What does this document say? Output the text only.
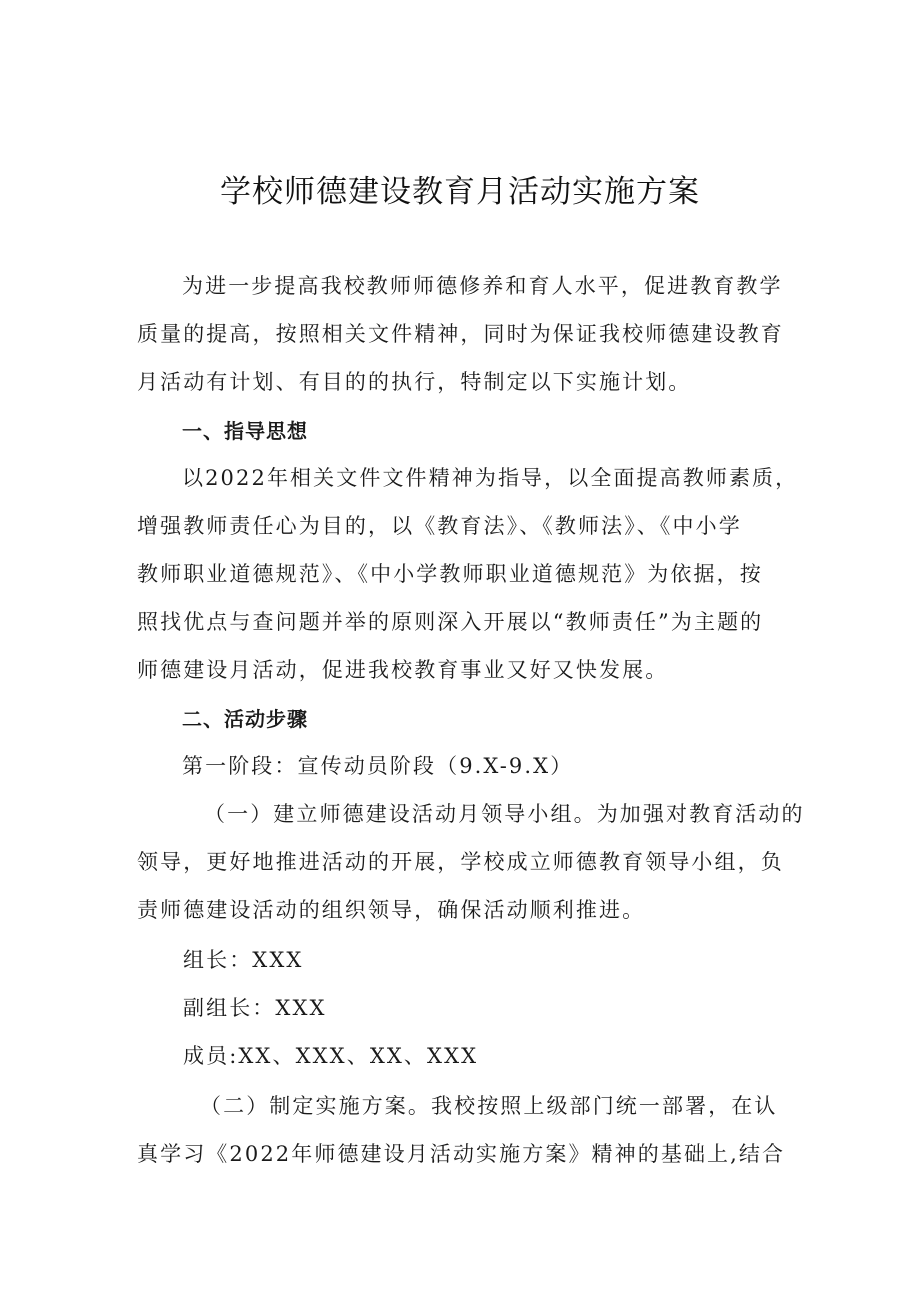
学校师德建设教育月活动实施方案
为进一步提高我校教师师德修养和育人水平，促进教育教学
质量的提高，按照相关文件精神，同时为保证我校师德建设教育
月活动有计划、有目的的执行，特制定以下实施计划。
一、指导思想
以2022年相关文件文件精神为指导，以全面提高教师素质，
增强教师责任心为目的，以《教育法》、《教师法》、《中小学
教师职业道德规范》、《中小学教师职业道德规范》为依据，按
照找优点与查问题并举的原则深入开展以“教师责任”为主题的
师德建设月活动，促进我校教育事业又好又快发展。
二、活动步骤
第一阶段：宣传动员阶段（9.X-9.X）
（一）建立师德建设活动月领导小组。为加强对教育活动的
领导，更好地推进活动的开展，学校成立师德教育领导小组，负
责师德建设活动的组织领导，确保活动顺利推进。
组长：XXX
副组长：XXX
成员:XX、XXX、XX、XXX
（二）制定实施方案。我校按照上级部门统一部署，在认
真学习《2022年师德建设月活动实施方案》精神的基础上,结合
